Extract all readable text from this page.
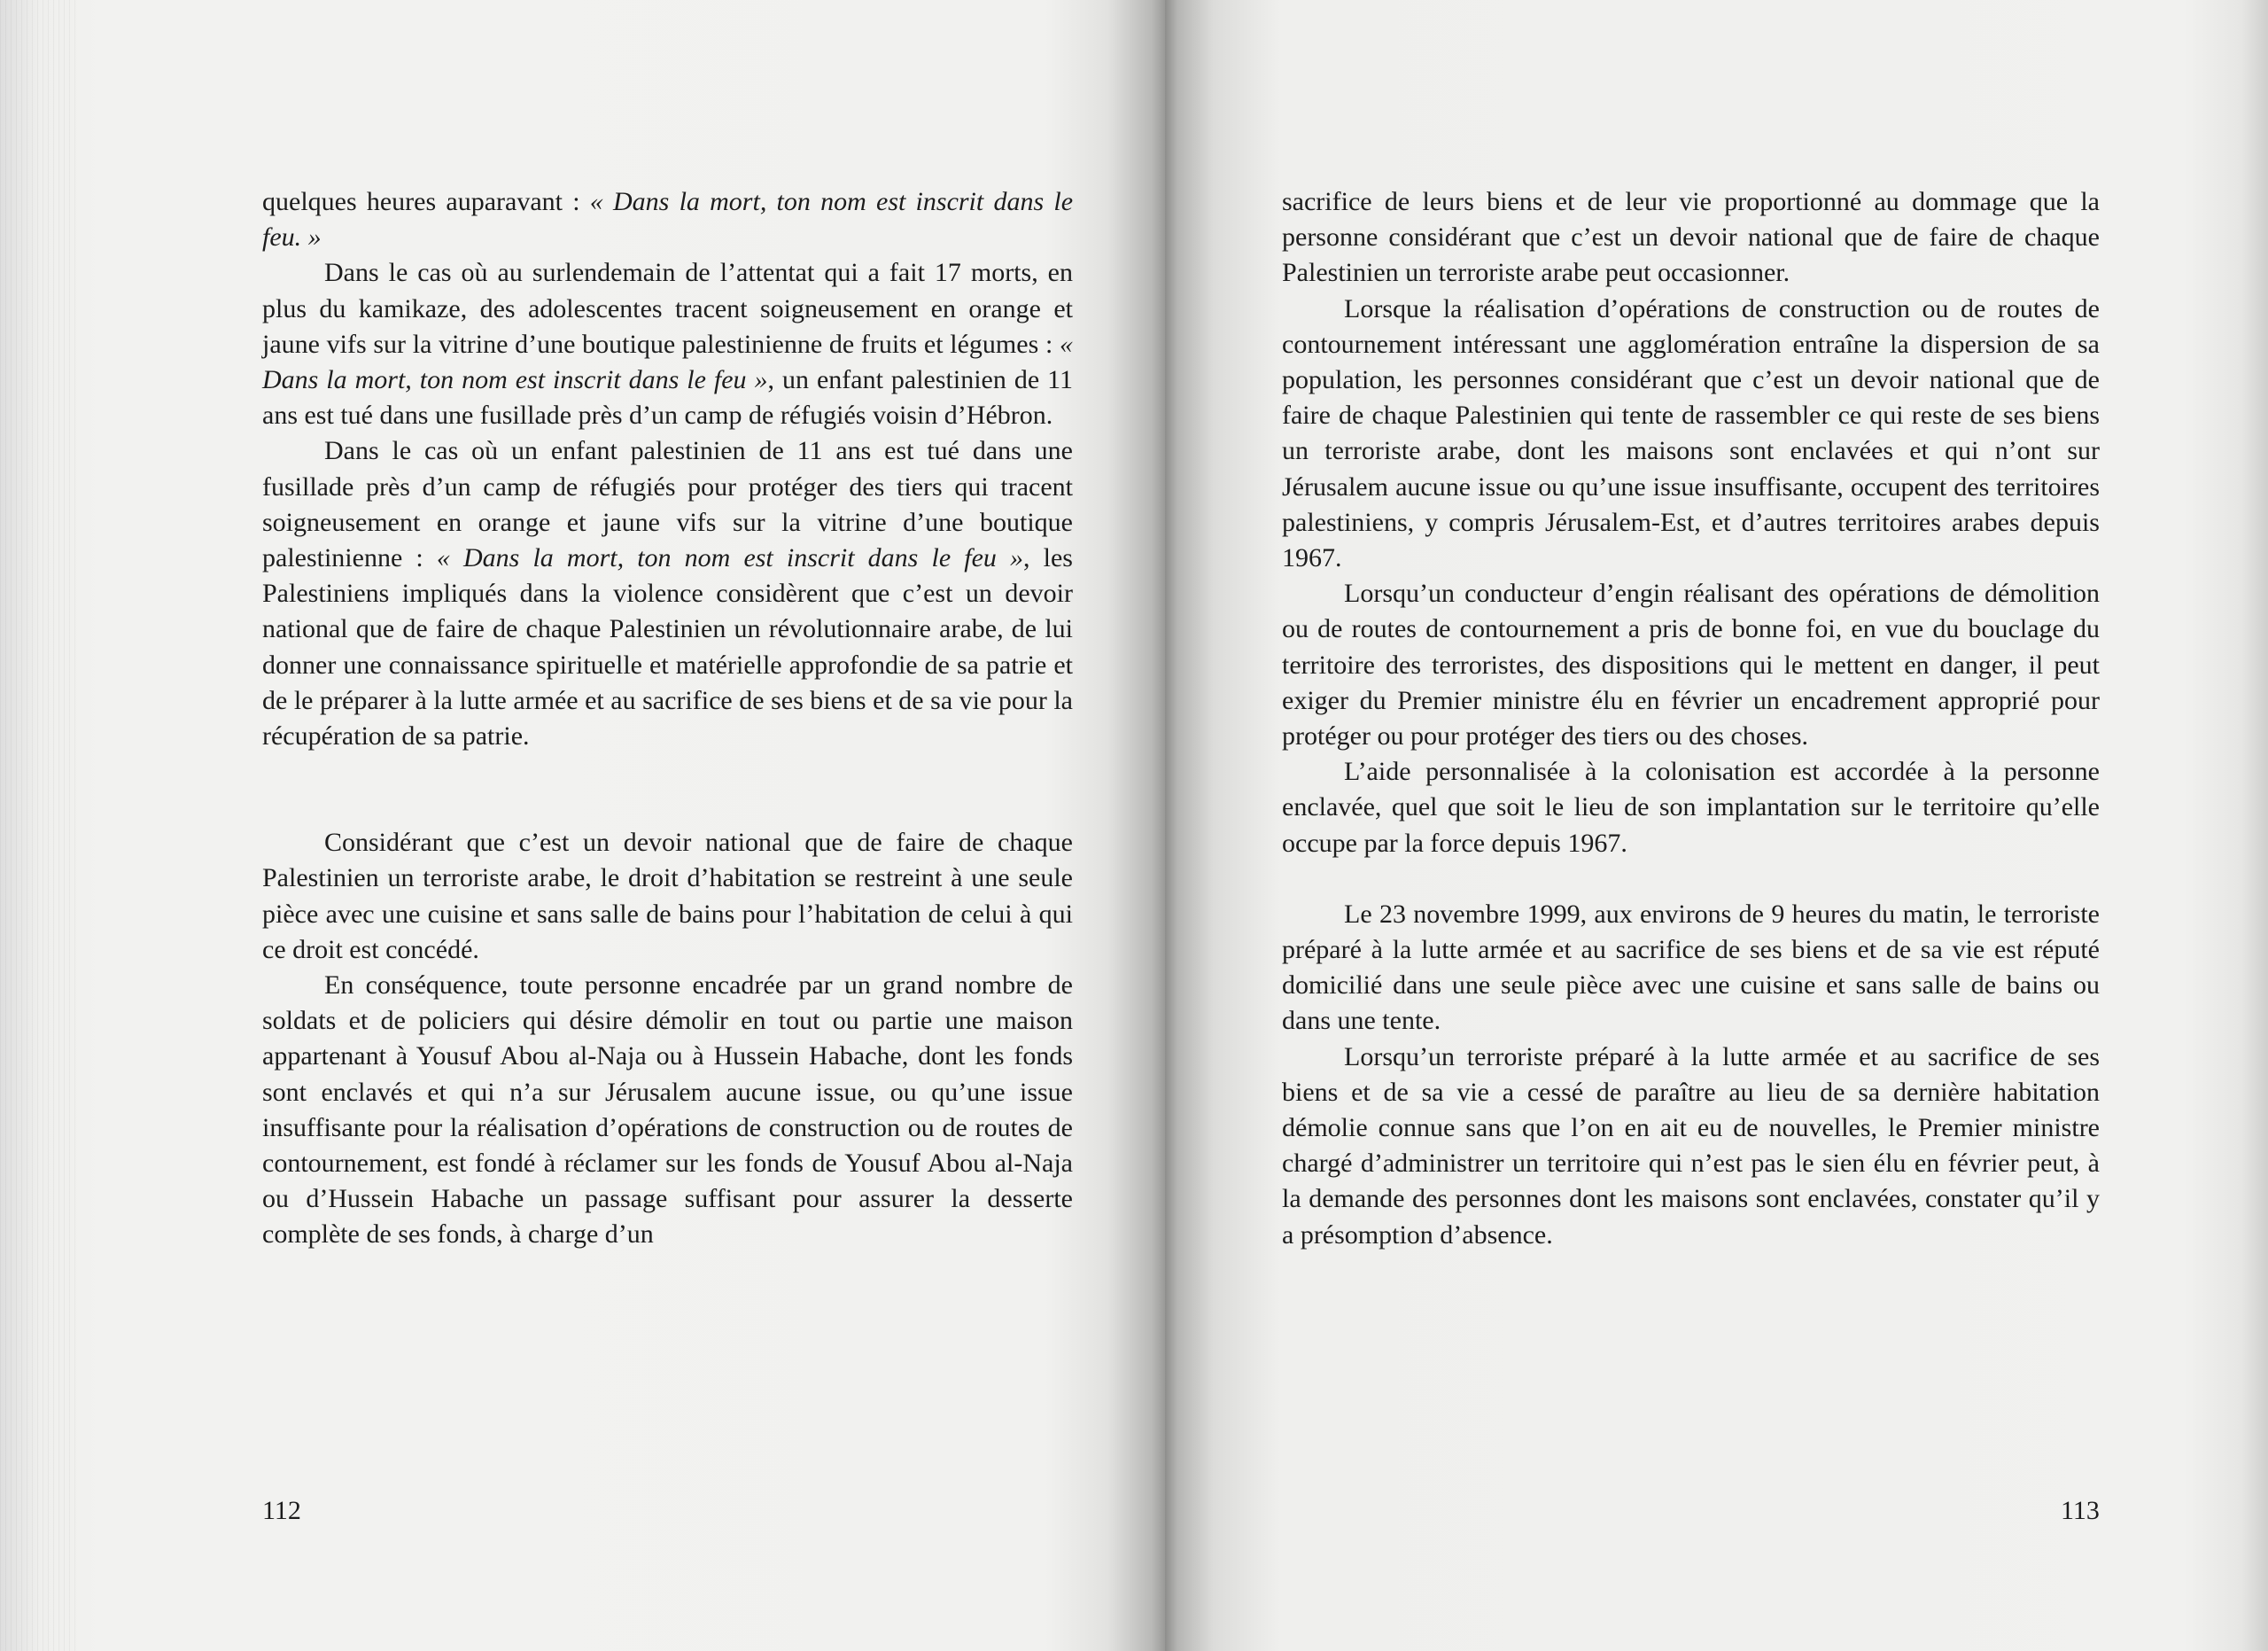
quelques heures auparavant : « Dans la mort, ton nom est inscrit dans le feu. »

Dans le cas où au surlendemain de l’attentat qui a fait 17 morts, en plus du kamikaze, des adolescentes tracent soigneusement en orange et jaune vifs sur la vitrine d’une boutique palestinienne de fruits et légumes : « Dans la mort, ton nom est inscrit dans le feu », un enfant palestinien de 11 ans est tué dans une fusillade près d’un camp de réfugiés voisin d’Hébron.

Dans le cas où un enfant palestinien de 11 ans est tué dans une fusillade près d’un camp de réfugiés pour protéger des tiers qui tracent soigneusement en orange et jaune vifs sur la vitrine d’une boutique palestinienne : « Dans la mort, ton nom est inscrit dans le feu », les Palestiniens impliqués dans la violence considèrent que c’est un devoir national que de faire de chaque Palestinien un révolutionnaire arabe, de lui donner une connaissance spirituelle et matérielle approfondie de sa patrie et de le préparer à la lutte armée et au sacrifice de ses biens et de sa vie pour la récupération de sa patrie.

Considérant que c’est un devoir national que de faire de chaque Palestinien un terroriste arabe, le droit d’habitation se restreint à une seule pièce avec une cuisine et sans salle de bains pour l’habitation de celui à qui ce droit est concédé.

En conséquence, toute personne encadrée par un grand nombre de soldats et de policiers qui désire démolir en tout ou partie une maison appartenant à Yousuf Abou al-Naja ou à Hussein Habache, dont les fonds sont enclavés et qui n’a sur Jérusalem aucune issue, ou qu’une issue insuffisante pour la réalisation d’opérations de construction ou de routes de contournement, est fondé à réclamer sur les fonds de Yousuf Abou al-Naja ou d’Hussein Habache un passage suffisant pour assurer la desserte complète de ses fonds, à charge d’un

112

sacrifice de leurs biens et de leur vie proportionné au dommage que la personne considérant que c’est un devoir national que de faire de chaque Palestinien un terroriste arabe peut occasionner.

Lorsque la réalisation d’opérations de construction ou de routes de contournement intéressant une agglomération entraîne la dispersion de sa population, les personnes considérant que c’est un devoir national que de faire de chaque Palestinien qui tente de rassembler ce qui reste de ses biens un terroriste arabe, dont les maisons sont enclavées et qui n’ont sur Jérusalem aucune issue ou qu’une issue insuffisante, occupent des territoires palestiniens, y compris Jérusalem-Est, et d’autres territoires arabes depuis 1967.

Lorsqu’un conducteur d’engin réalisant des opérations de démolition ou de routes de contournement a pris de bonne foi, en vue du bouclage du territoire des terroristes, des dispositions qui le mettent en danger, il peut exiger du Premier ministre élu en février un encadrement approprié pour protéger ou pour protéger des tiers ou des choses.

L’aide personnalisée à la colonisation est accordée à la personne enclavée, quel que soit le lieu de son implantation sur le territoire qu’elle occupe par la force depuis 1967.

Le 23 novembre 1999, aux environs de 9 heures du matin, le terroriste préparé à la lutte armée et au sacrifice de ses biens et de sa vie est réputé domicilié dans une seule pièce avec une cuisine et sans salle de bains ou dans une tente.

Lorsqu’un terroriste préparé à la lutte armée et au sacrifice de ses biens et de sa vie a cessé de paraître au lieu de sa dernière habitation démolie connue sans que l’on en ait eu de nouvelles, le Premier ministre chargé d’administrer un territoire qui n’est pas le sien élu en février peut, à la demande des personnes dont les maisons sont enclavées, constater qu’il y a présomption d’absence.

113
